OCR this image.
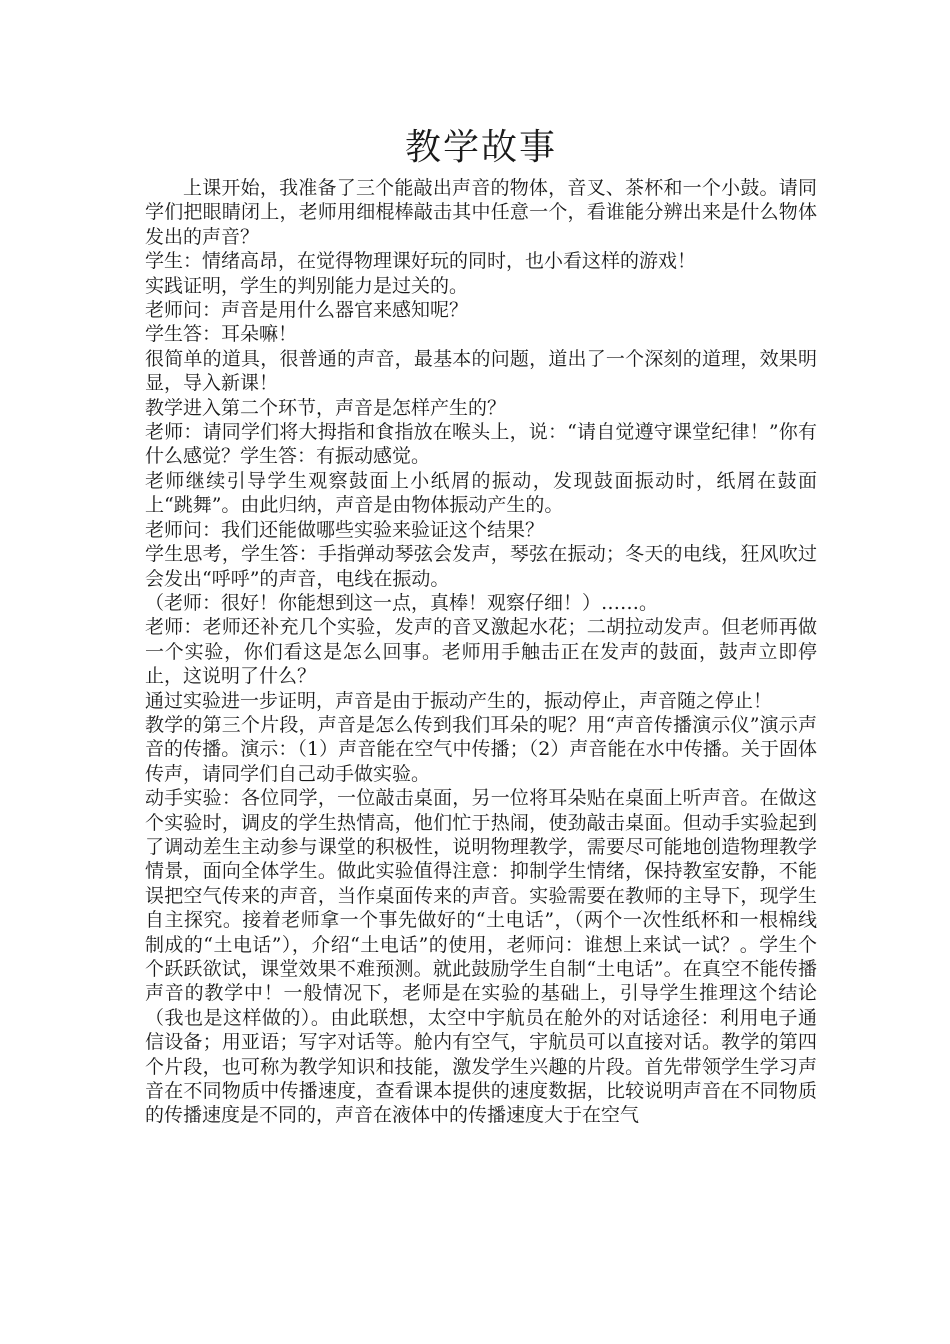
教学故事

上课开始，我准备了三个能敲出声音的物体，音叉、茶杯和一个小鼓。请同学们把眼睛闭上，老师用细棍棒敲击其中任意一个，看谁能分辨出来是什么物体发出的声音？

学生：情绪高昂，在觉得物理课好玩的同时，也小看这样的游戏！

实践证明，学生的判别能力是过关的。

老师问：声音是用什么器官来感知呢？

学生答：耳朵嘛！

很简单的道具，很普通的声音，最基本的问题，道出了一个深刻的道理，效果明显，导入新课！

教学进入第二个环节，声音是怎样产生的？

老师：请同学们将大拇指和食指放在喉头上，说：“请自觉遵守课堂纪律！”你有什么感觉？学生答：有振动感觉。

老师继续引导学生观察鼓面上小纸屑的振动，发现鼓面振动时，纸屑在鼓面上“跳舞”。由此归纳，声音是由物体振动产生的。

老师问：我们还能做哪些实验来验证这个结果？

学生思考，学生答：手指弹动琴弦会发声，琴弦在振动；冬天的电线，狂风吹过会发出“呼呼”的声音，电线在振动。

（老师：很好！你能想到这一点，真棒！观察仔细！）……。

老师：老师还补充几个实验，发声的音叉激起水花；二胡拉动发声。但老师再做一个实验，你们看这是怎么回事。老师用手触击正在发声的鼓面，鼓声立即停止，这说明了什么？

通过实验进一步证明，声音是由于振动产生的，振动停止，声音随之停止！

教学的第三个片段，声音是怎么传到我们耳朵的呢？用“声音传播演示仪”演示声音的传播。演示：（1）声音能在空气中传播；（2）声音能在水中传播。关于固体传声，请同学们自己动手做实验。

动手实验：各位同学，一位敲击桌面，另一位将耳朵贴在桌面上听声音。在做这个实验时，调皮的学生热情高，他们忙于热闹，使劲敲击桌面。但动手实验起到了调动差生主动参与课堂的积极性，说明物理教学，需要尽可能地创造物理教学情景，面向全体学生。做此实验值得注意：抑制学生情绪，保持教室安静，不能误把空气传来的声音，当作桌面传来的声音。实验需要在教师的主导下，现学生自主探究。接着老师拿一个事先做好的“土电话”，（两个一次性纸杯和一根棉线制成的“土电话”），介绍“土电话”的使用，老师问：谁想上来试一试？。学生个个跃跃欲试，课堂效果不难预测。就此鼓励学生自制“土电话”。在真空不能传播声音的教学中！一般情况下，老师是在实验的基础上，引导学生推理这个结论（我也是这样做的）。由此联想，太空中宇航员在舱外的对话途径：利用电子通信设备；用亚语；写字对话等。舱内有空气，宇航员可以直接对话。教学的第四个片段，也可称为教学知识和技能，激发学生兴趣的片段。首先带领学生学习声音在不同物质中传播速度，查看课本提供的速度数据，比较说明声音在不同物质的传播速度是不同的，声音在液体中的传播速度大于在空气
